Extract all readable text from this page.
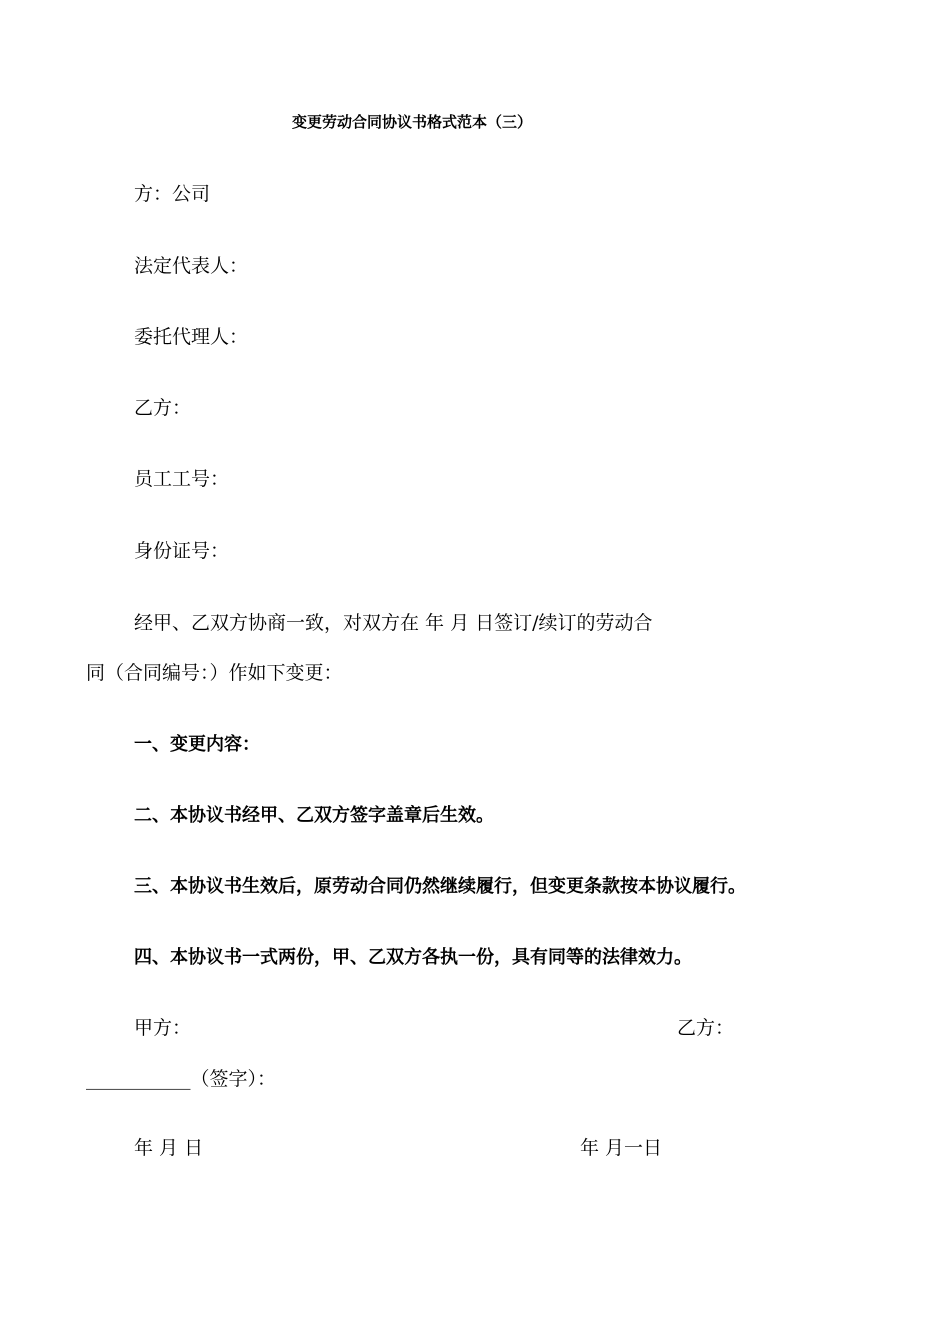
变更劳动合同协议书格式范本（三）
方：公司
法定代表人：
委托代理人：
乙方：
员工工号：
身份证号：
经甲、乙双方协商一致，对双方在 年 月 日签订/续订的劳动合
同（合同编号：）作如下变更：
一、变更内容：
二、本协议书经甲、乙双方签字盖章后生效。
三、本协议书生效后，原劳动合同仍然继续履行，但变更条款按本协议履行。
四、本协议书一式两份，甲、乙双方各执一份，具有同等的法律效力。
甲方：	乙方：
___________（签字）：
年 月 日	年 月一日
